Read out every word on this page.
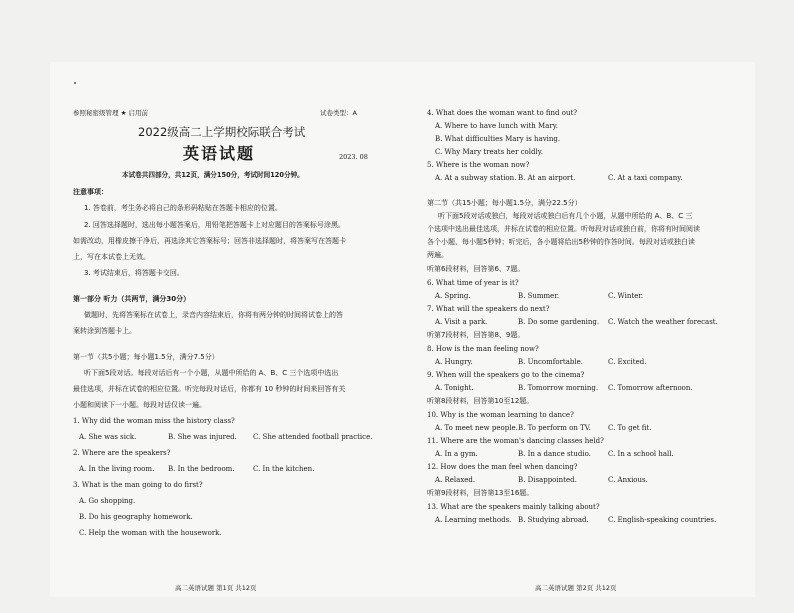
参照秘密级管理 ★ 启用前	试卷类型：A
2022级高二上学期校际联合考试
英语试题	2023. 08
本试卷共四部分，共12页，满分150分，考试时间120分钟。
注意事项：
1. 答卷前，考生务必将自己的条形码粘贴在答题卡相应的位置。
2. 回答选择题时，选出每小题答案后，用铅笔把答题卡上对应题目的答案标号涂黑。
如需改动，用橡皮擦干净后，再选涂其它答案标号；回答非选择题时，将答案写在答题卡
上，写在本试卷上无效。
3. 考试结束后，将答题卡交回。
第一部分 听力（共两节，满分30分）
做题时，先将答案标在试卷上，录音内容结束后，你将有两分钟的时间将试卷上的答
案转涂到答题卡上。
第一节（共5小题；每小题1.5分，满分7.5分）
听下面5段对话。每段对话后有一个小题，从题中所给的 A、B、C 三个选项中选出
最佳选项，并标在试卷的相应位置。听完每段对话后，你都有 10 秒钟的时间来回答有关
小题和阅读下一小题。每段对话仅读一遍。
1. Why did the woman miss the history class?
A. She was sick.	B. She was injured. C. She attended football practice.
2. Where are the speakers?
A. In the living room. B. In the bedroom.	C. In the kitchen.
3. What is the man going to do first?
A. Go shopping.
B. Do his geography homework.
C. Help the woman with the housework.
高二英语试题 第1页 共12页
4. What does the woman want to find out?
A. Where to have lunch with Mary.
B. What difficulties Mary is having.
C. Why Mary treats her coldly.
5. Where is the woman now?
A. At a subway station. B. At an airport.	C. At a taxi company.
第二节（共15小题；每小题1.5分，满分22.5分）
听下面5段对话或独白，每段对话或独白后有几个小题，从题中所给的 A、B、C 三
个选项中选出最佳选项，并标在试卷的相应位置。听每段对话或独白前，你将有时间阅读
各个小题，每小题5秒钟；听完后，各小题将给出5秒钟的作答时间。每段对话或独白读
两遍。
听第6段材料，回答第6、7题。
6. What time of year is it?
A. Spring.	B. Summer.	C. Winter.
7. What will the speakers do next?
A. Visit a park.	B. Do some gardening. C. Watch the weather forecast.
听第7段材料，回答第8、9题。
8. How is the man feeling now?
A. Hungry.	B. Uncomfortable.	C. Excited.
9. When will the speakers go to the cinema?
A. Tonight.	B. Tomorrow morning. C. Tomorrow afternoon.
听第8段材料，回答第10至12题。
10. Why is the woman learning to dance?
A. To meet new people. B. To perform on TV. C. To get fit.
11. Where are the woman's dancing classes held?
A. In a gym.	B. In a dance studio. C. In a school hall.
12. How does the man feel when dancing?
A. Relaxed.	B. Disappointed.	C. Anxious.
听第9段材料，回答第13至16题。
13. What are the speakers mainly talking about?
A. Learning methods. B. Studying abroad.	C. English-speaking countries.
高二英语试题 第2页 共12页
